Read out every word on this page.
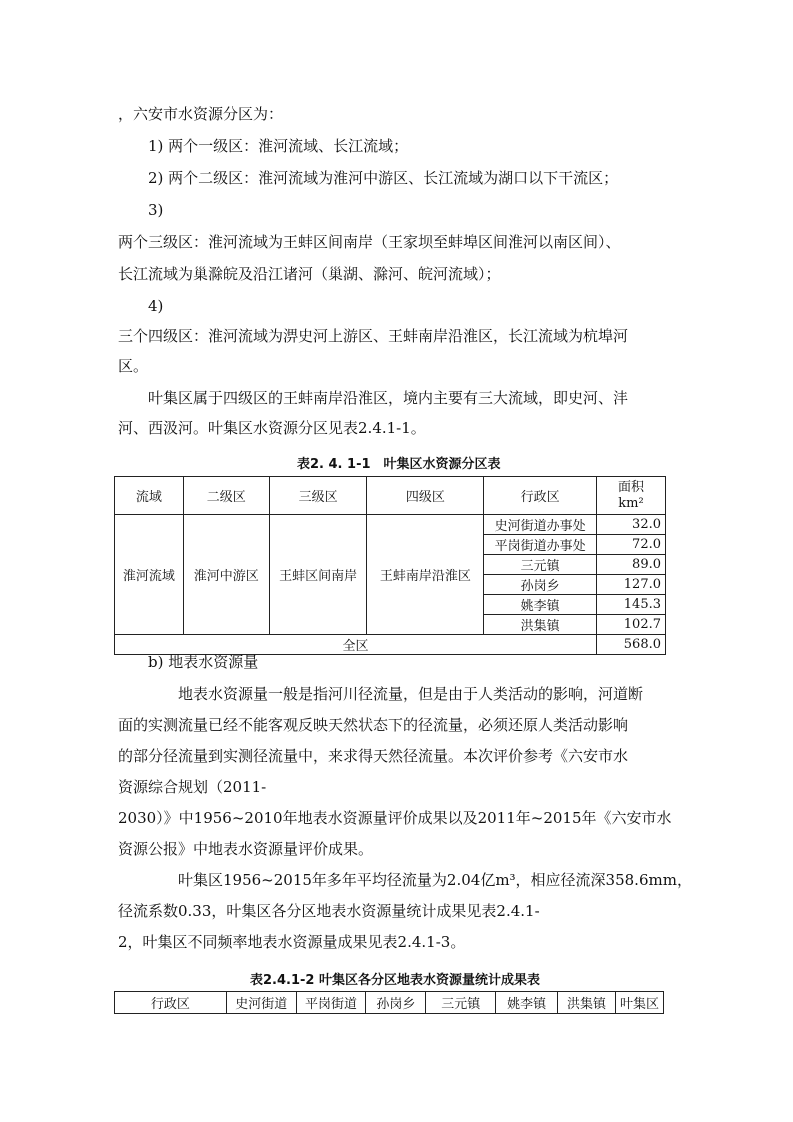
，六安市水资源分区为：
1) 两个一级区：淮河流域、长江流域；
2) 两个二级区：淮河流域为淮河中游区、长江流域为湖口以下干流区；
3)
两个三级区：淮河流域为王蚌区间南岸（王家坝至蚌埠区间淮河以南区间）、
长江流域为巢滁皖及沿江诸河（巢湖、滁河、皖河流域）；
4)
三个四级区：淮河流域为淠史河上游区、王蚌南岸沿淮区，长江流域为杭埠河
区。
叶集区属于四级区的王蚌南岸沿淮区，境内主要有三大流域，即史河、沣
河、西汲河。叶集区水资源分区见表2.4.1-1。
表2. 4. 1-1　叶集区水资源分区表
流域	二级区	三级区	四级区	行政区	面积
km²
淮河流域	淮河中游区	王蚌区间南岸	王蚌南岸沿淮区	史河街道办事处	32.0
				平岗街道办事处	72.0
				三元镇	89.0
				孙岗乡	127.0
				姚李镇	145.3
				洪集镇	102.7
全区					568.0
b) 地表水资源量
地表水资源量一般是指河川径流量，但是由于人类活动的影响，河道断
面的实测流量已经不能客观反映天然状态下的径流量，必须还原人类活动影响
的部分径流量到实测径流量中，来求得天然径流量。本次评价参考《六安市水
资源综合规划（2011-
2030）》中1956~2010年地表水资源量评价成果以及2011年~2015年《六安市水
资源公报》中地表水资源量评价成果。
叶集区1956~2015年多年平均径流量为2.04亿m³，相应径流深358.6mm，
径流系数0.33，叶集区各分区地表水资源量统计成果见表2.4.1-
2，叶集区不同频率地表水资源量成果见表2.4.1-3。
表2.4.1-2 叶集区各分区地表水资源量统计成果表
行政区	史河街道	平岗街道	孙岗乡	三元镇	姚李镇	洪集镇	叶集区
